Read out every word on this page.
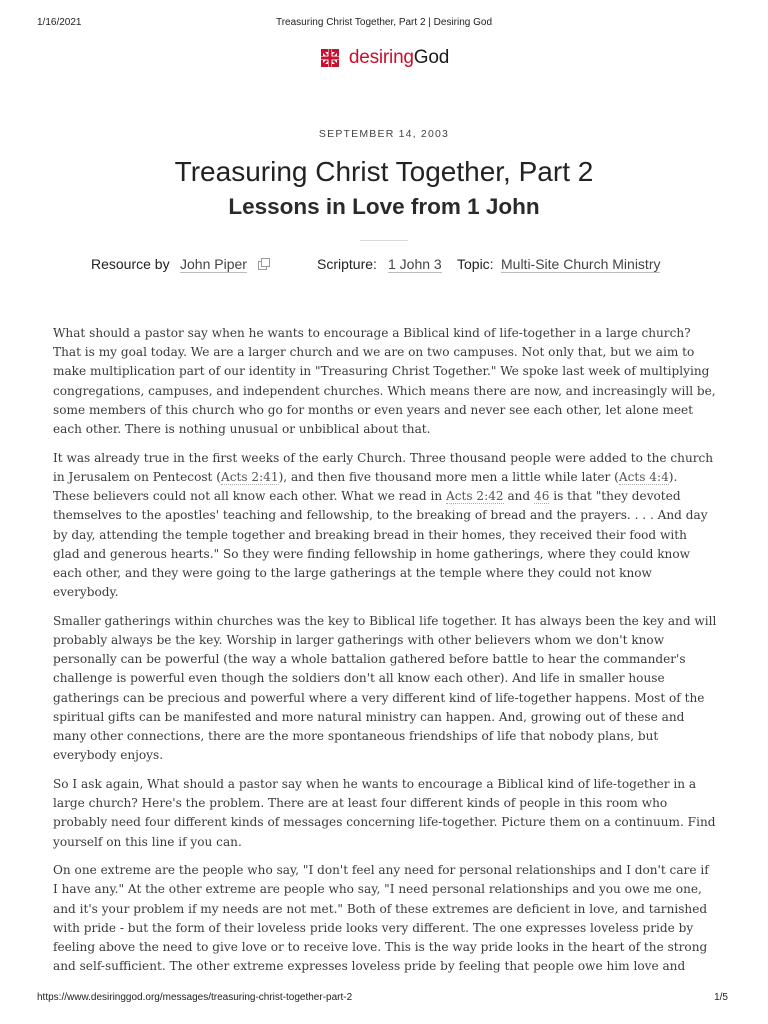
1/16/2021	Treasuring Christ Together, Part 2 | Desiring God
desiringGod
SEPTEMBER 14, 2003
Treasuring Christ Together, Part 2
Lessons in Love from 1 John
Resource by John Piper	Scripture: 1 John 3 Topic: Multi-Site Church Ministry

What should a pastor say when he wants to encourage a Biblical kind of life-together in a large church? That is my goal today. We are a larger church and we are on two campuses. Not only that, but we aim to make multiplication part of our identity in "Treasuring Christ Together." We spoke last week of multiplying congregations, campuses, and independent churches. Which means there are now, and increasingly will be, some members of this church who go for months or even years and never see each other, let alone meet each other. There is nothing unusual or unbiblical about that.

It was already true in the first weeks of the early Church. Three thousand people were added to the church in Jerusalem on Pentecost (Acts 2:41), and then five thousand more men a little while later (Acts 4:4). These believers could not all know each other. What we read in Acts 2:42 and 46 is that "they devoted themselves to the apostles' teaching and fellowship, to the breaking of bread and the prayers. . . . And day by day, attending the temple together and breaking bread in their homes, they received their food with glad and generous hearts." So they were finding fellowship in home gatherings, where they could know each other, and they were going to the large gatherings at the temple where they could not know everybody.

Smaller gatherings within churches was the key to Biblical life together. It has always been the key and will probably always be the key. Worship in larger gatherings with other believers whom we don't know personally can be powerful (the way a whole battalion gathered before battle to hear the commander's challenge is powerful even though the soldiers don't all know each other). And life in smaller house gatherings can be precious and powerful where a very different kind of life-together happens. Most of the spiritual gifts can be manifested and more natural ministry can happen. And, growing out of these and many other connections, there are the more spontaneous friendships of life that nobody plans, but everybody enjoys.

So I ask again, What should a pastor say when he wants to encourage a Biblical kind of life-together in a large church? Here's the problem. There are at least four different kinds of people in this room who probably need four different kinds of messages concerning life-together. Picture them on a continuum. Find yourself on this line if you can.

On one extreme are the people who say, "I don't feel any need for personal relationships and I don't care if I have any." At the other extreme are people who say, "I need personal relationships and you owe me one, and it's your problem if my needs are not met." Both of these extremes are deficient in love, and tarnished with pride - but the form of their loveless pride looks very different. The one expresses loveless pride by feeling above the need to give love or to receive love. This is the way pride looks in the heart of the strong and self-sufficient. The other extreme expresses loveless pride by feeling that people owe him love and

https://www.desiringgod.org/messages/treasuring-christ-together-part-2	1/5
